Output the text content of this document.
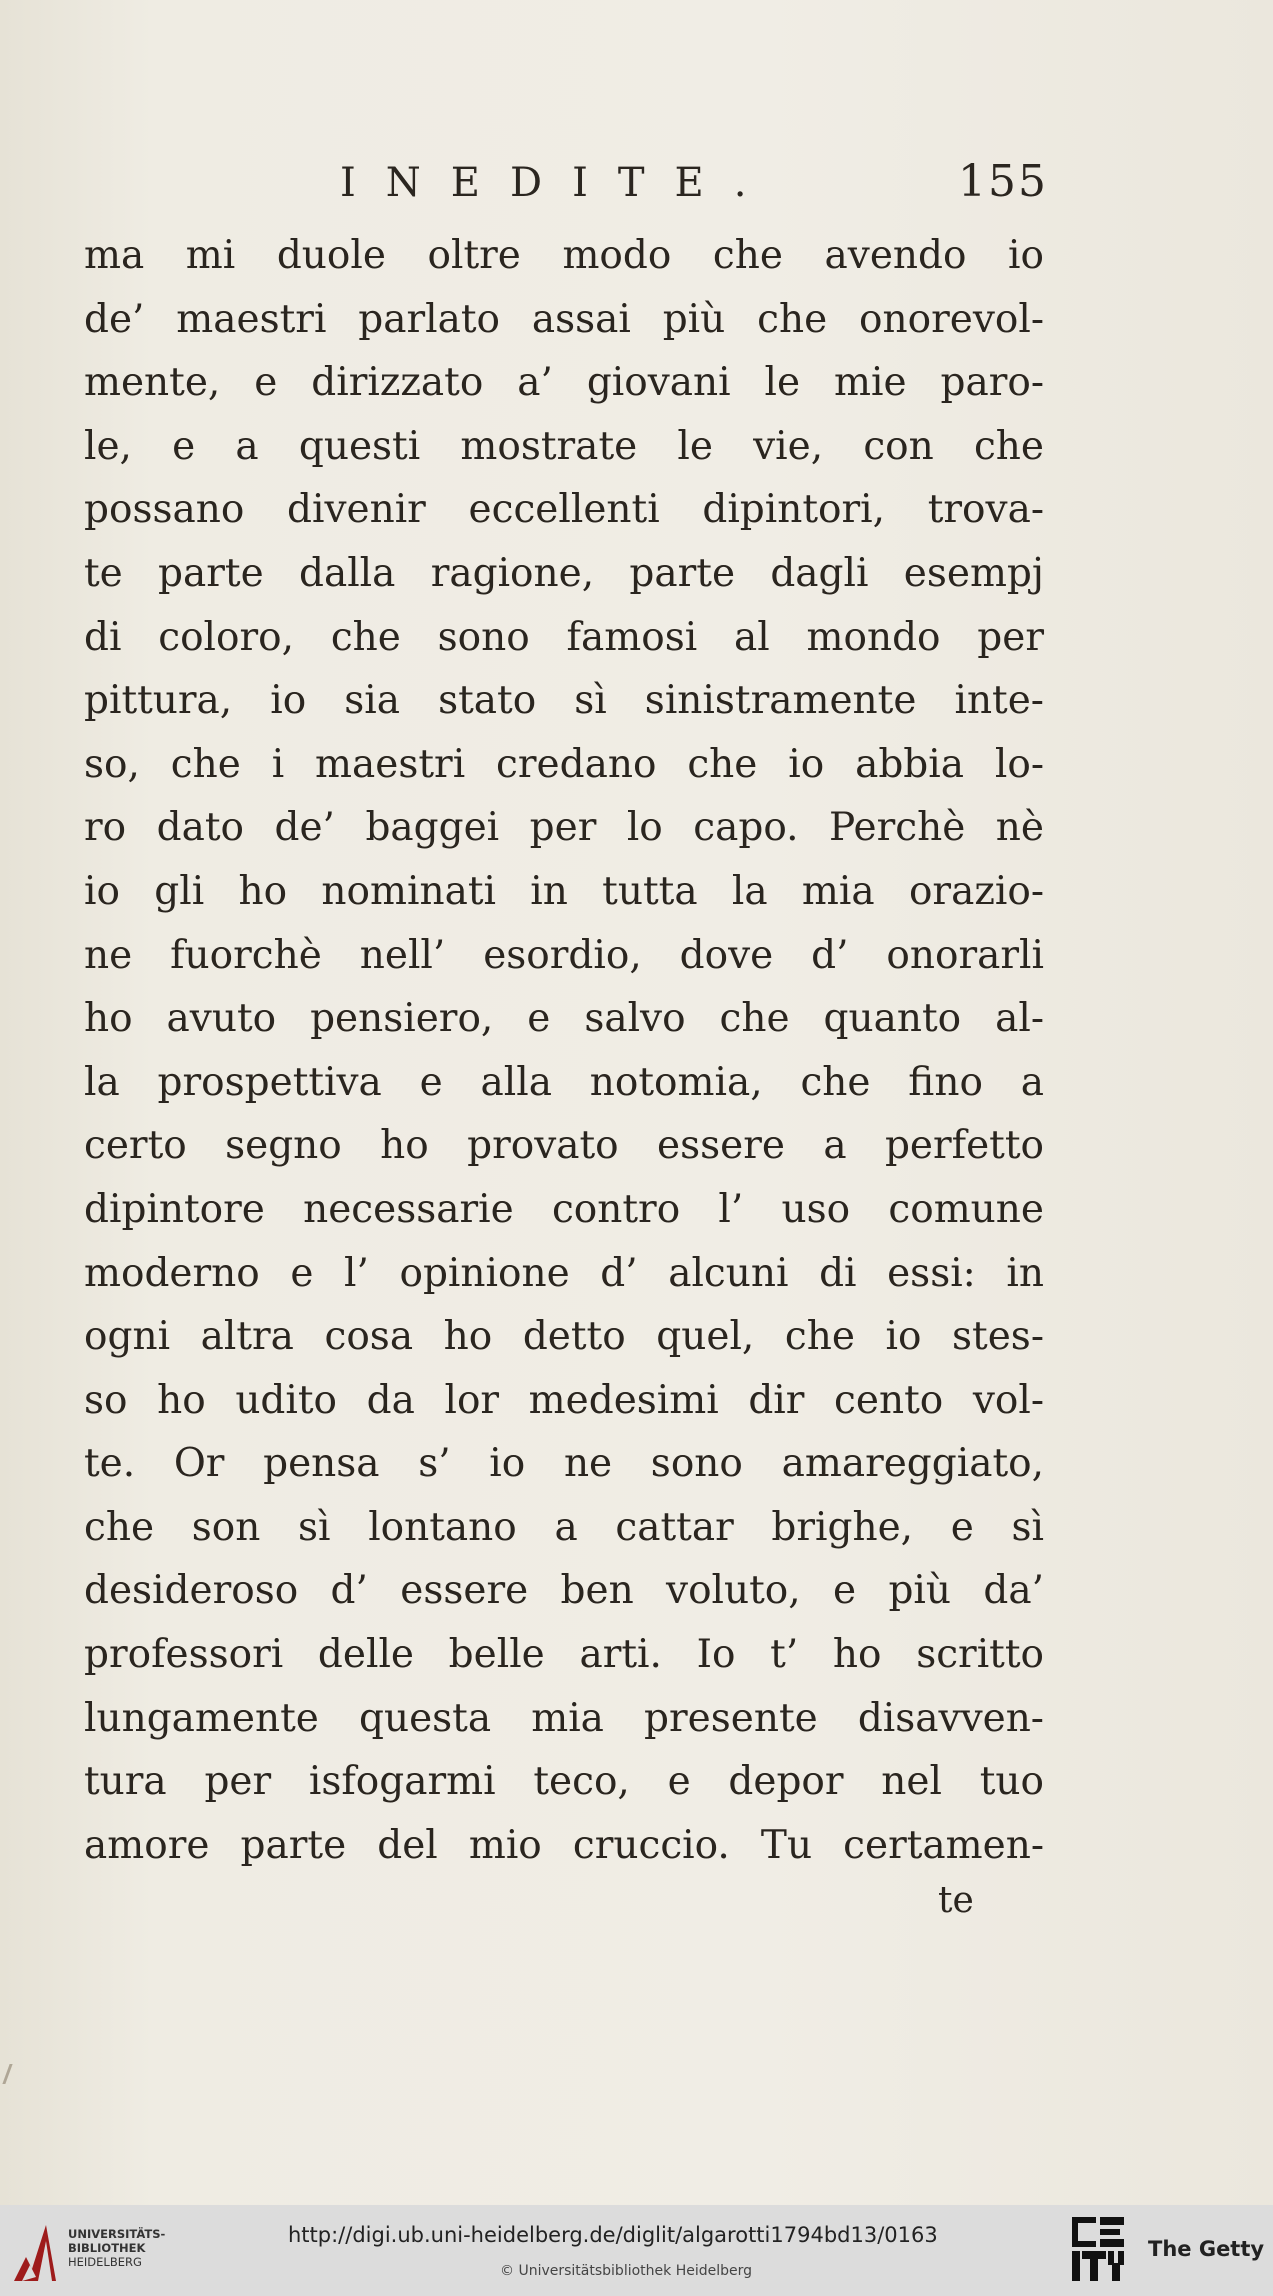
INEDITE.	155
ma mi duole oltre modo che avendo io
de’ maestri parlato assai più che onorevol-
mente, e dirizzato a’ giovani le mie paro-
le, e a questi mostrate le vie, con che
possano divenir eccellenti dipintori, trova-
te parte dalla ragione, parte dagli esempj
di coloro, che sono famosi al mondo per
pittura, io sia stato sì sinistramente inte-
so, che i maestri credano che io abbia lo-
ro dato de’ baggei per lo capo. Perchè nè
io gli ho nominati in tutta la mia orazio-
ne fuorchè nell’ esordio, dove d’ onorarli
ho avuto pensiero, e salvo che quanto al-
la prospettiva e alla notomia, che fino a
certo segno ho provato essere a perfetto
dipintore necessarie contro l’ uso comune
moderno e l’ opinione d’ alcuni di essi: in
ogni altra cosa ho detto quel, che io stes-
so ho udito da lor medesimi dir cento vol-
te. Or pensa s’ io ne sono amareggiato,
che son sì lontano a cattar brighe, e sì
desideroso d’ essere ben voluto, e più da’
professori delle belle arti. Io t’ ho scritto
lungamente questa mia presente disavven-
tura per isfogarmi teco, e depor nel tuo
amore parte del mio cruccio. Tu certamen-
te
UNIVERSITÄTS-
BIBLIOTHEK
HEIDELBERG
http://digi.ub.uni-heidelberg.de/diglit/algarotti1794bd13/0163
© Universitätsbibliothek Heidelberg
The Getty
